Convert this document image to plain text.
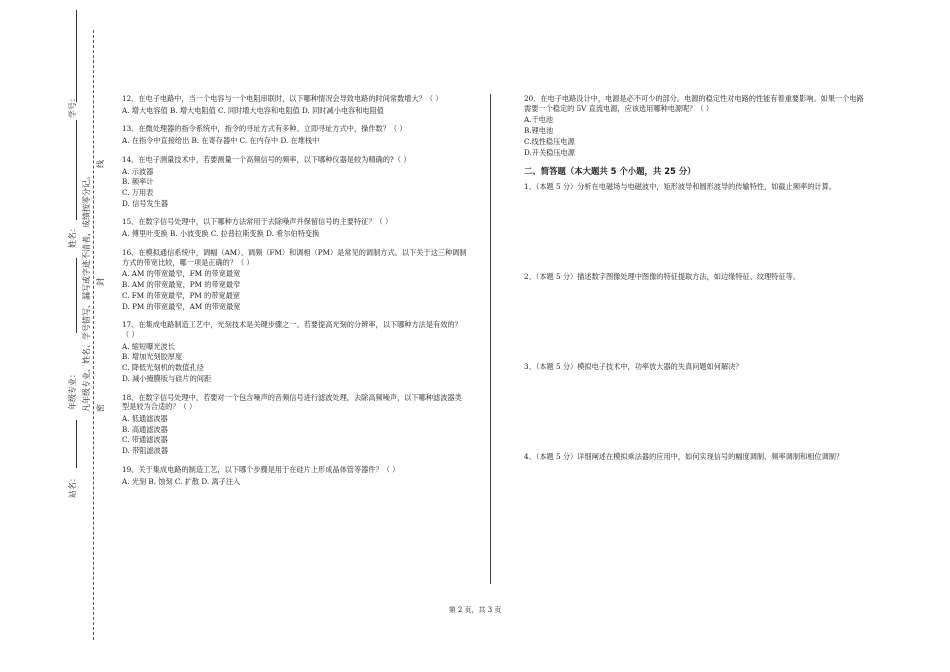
学号：
姓名：
年级专业：
站名：
凡年级专业、姓名、学号错写、漏写或字迹不清者，成绩按零分记。
线
封
密
12、在电子电路中，当一个电容与一个电阻串联时，以下哪种情况会导致电路的时间常数增大？（ ）
A. 增大电容值 B. 增大电阻值 C. 同时增大电容和电阻值 D. 同时减小电容和电阻值
13、在微处理器的指令系统中，指令的寻址方式有多种。立即寻址方式中，操作数？（ ）
A. 在指令中直接给出 B. 在寄存器中 C. 在内存中 D. 在堆栈中
14、在电子测量技术中，若要测量一个高频信号的频率，以下哪种仪器是较为精确的?（ ）
A. 示波器
B. 频率计
C. 万用表
D. 信号发生器
15、在数字信号处理中，以下哪种方法常用于去除噪声并保留信号的主要特征？（ ）
A. 傅里叶变换 B. 小波变换 C. 拉普拉斯变换 D. 希尔伯特变换
16、在模拟通信系统中，调幅（AM）、调频（FM）和调相（PM）是常见的调制方式。以下关于这三种调制方式的带宽比较，哪一项是正确的？（ ）
A. AM 的带宽最窄，FM 的带宽最宽
B. AM 的带宽最宽，PM 的带宽最窄
C. FM 的带宽最窄，PM 的带宽最宽
D. PM 的带宽最窄，AM 的带宽最宽
17、在集成电路制造工艺中，光刻技术是关键步骤之一。若要提高光刻的分辨率，以下哪种方法是有效的？（ ）
A. 缩短曝光波长
B. 增加光刻胶厚度
C. 降低光刻机的数值孔径
D. 减小掩膜版与硅片的间距
18、在数字信号处理中，若要对一个包含噪声的音频信号进行滤波处理，去除高频噪声，以下哪种滤波器类型是较为合适的？（ ）
A. 低通滤波器
B. 高通滤波器
C. 带通滤波器
D. 带阻滤波器
19、关于集成电路的制造工艺，以下哪个步骤是用于在硅片上形成晶体管等器件？（ ）
A. 光刻 B. 蚀刻 C. 扩散 D. 离子注入
20、在电子电路设计中，电源是必不可少的部分。电源的稳定性对电路的性能有着重要影响。如果一个电路需要一个稳定的 5V 直流电源，应该选用哪种电源呢？（ ）
A.干电池
B.锂电池
C.线性稳压电源
D.开关稳压电源
二、简答题（本大题共 5 个小题，共 25 分）
1、（本题 5 分）分析在电磁场与电磁波中，矩形波导和圆形波导的传输特性，如截止频率的计算。
2、（本题 5 分）描述数字图像处理中图像的特征提取方法，如边缘特征、纹理特征等。
3、（本题 5 分）模拟电子技术中，功率放大器的失真问题如何解决？
4、（本题 5 分）详细阐述在模拟乘法器的应用中，如何实现信号的幅度调制、频率调制和相位调制？
第 2 页，共 3 页
